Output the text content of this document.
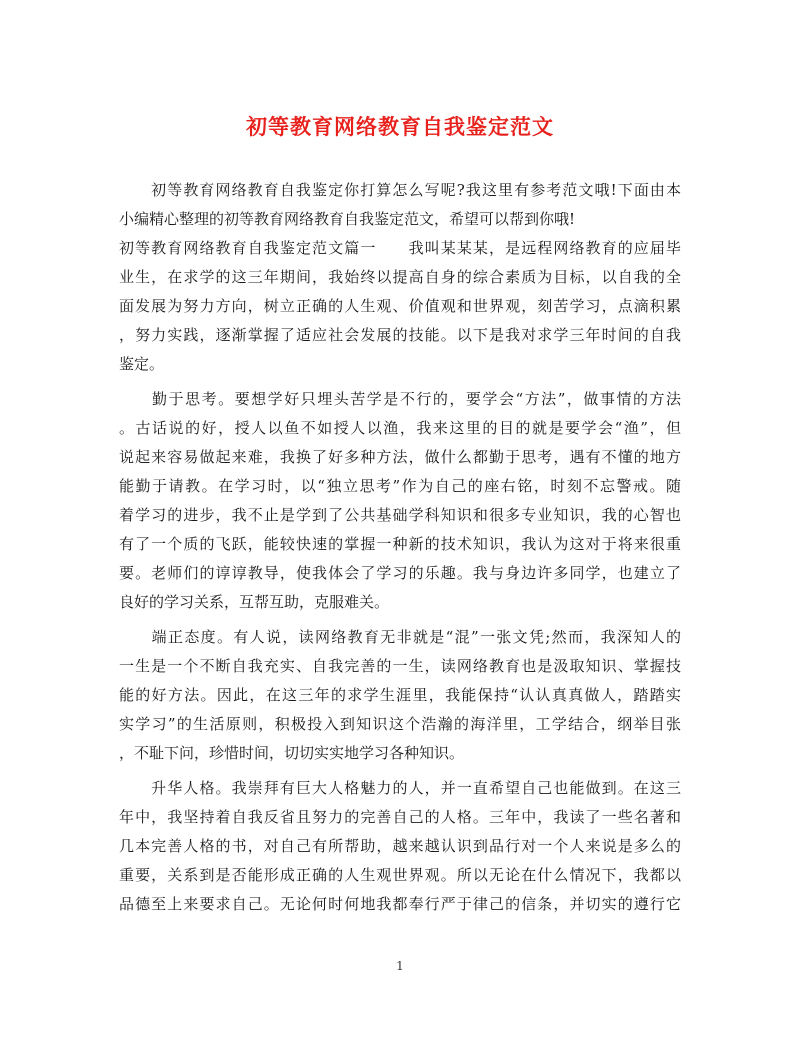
初等教育网络教育自我鉴定范文
　　初等教育网络教育自我鉴定你打算怎么写呢?我这里有参考范文哦!下面由本
小编精心整理的初等教育网络教育自我鉴定范文，希望可以帮到你哦!
初等教育网络教育自我鉴定范文篇一　　我叫某某某，是远程网络教育的应届毕
业生，在求学的这三年期间，我始终以提高自身的综合素质为目标，以自我的全
面发展为努力方向，树立正确的人生观、价值观和世界观，刻苦学习，点滴积累
，努力实践，逐渐掌握了适应社会发展的技能。以下是我对求学三年时间的自我
鉴定。
　　勤于思考。要想学好只埋头苦学是不行的，要学会“方法”，做事情的方法
。古话说的好，授人以鱼不如授人以渔，我来这里的目的就是要学会“渔”，但
说起来容易做起来难，我换了好多种方法，做什么都勤于思考，遇有不懂的地方
能勤于请教。在学习时，以“独立思考”作为自己的座右铭，时刻不忘警戒。随
着学习的进步，我不止是学到了公共基础学科知识和很多专业知识，我的心智也
有了一个质的飞跃，能较快速的掌握一种新的技术知识，我认为这对于将来很重
要。老师们的谆谆教导，使我体会了学习的乐趣。我与身边许多同学，也建立了
良好的学习关系，互帮互助，克服难关。
　　端正态度。有人说，读网络教育无非就是“混”一张文凭;然而，我深知人的
一生是一个不断自我充实、自我完善的一生，读网络教育也是汲取知识、掌握技
能的好方法。因此，在这三年的求学生涯里，我能保持“认认真真做人，踏踏实
实学习”的生活原则，积极投入到知识这个浩瀚的海洋里，工学结合，纲举目张
，不耻下问，珍惜时间，切切实实地学习各种知识。
　　升华人格。我崇拜有巨大人格魅力的人，并一直希望自己也能做到。在这三
年中，我坚持着自我反省且努力的完善自己的人格。三年中，我读了一些名著和
几本完善人格的书，对自己有所帮助，越来越认识到品行对一个人来说是多么的
重要，关系到是否能形成正确的人生观世界观。所以无论在什么情况下，我都以
品德至上来要求自己。无论何时何地我都奉行严于律己的信条，并切实的遵行它
1
